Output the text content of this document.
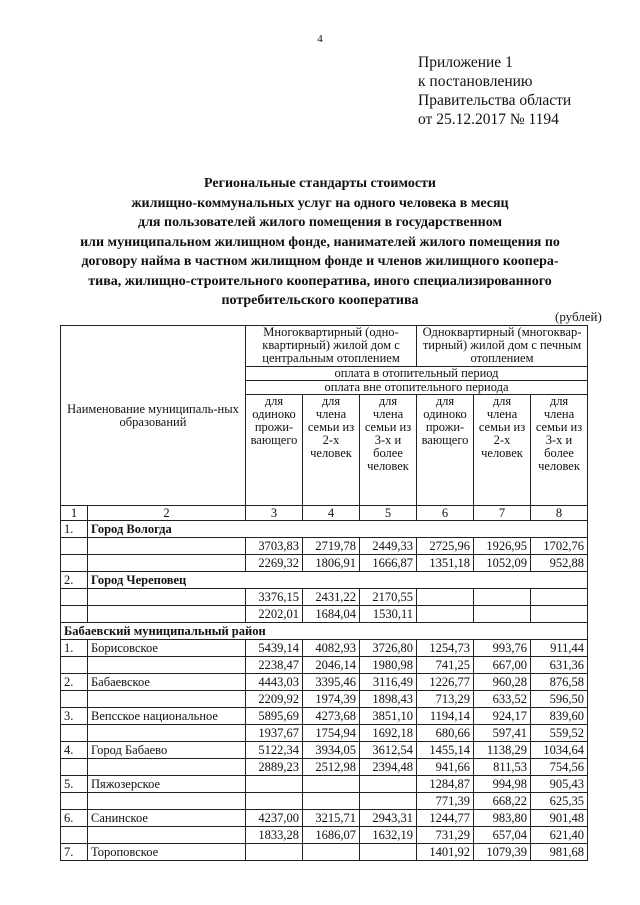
4
Приложение 1
к постановлению
Правительства области
от 25.12.2017 № 1194
Региональные стандарты стоимости
жилищно-коммунальных услуг на одного человека в месяц
для пользователей жилого помещения в государственном
или муниципальном жилищном фонде, нанимателей жилого помещения по
договору найма в частном жилищном фонде и членов жилищного коопера-
тива, жилищно-строительного кооператива, иного специализированного
потребительского кооператива
(рублей)
Наименование муниципаль-ных образований		Многоквартирный (одно-квартирный) жилой дом с центральным отоплением			Одноквартирный (многоквар-тирный) жилой дом с печным отоплением		
		оплата в отопительный период					
		оплата вне отопительного периода					
		для одиноко прожи-вающего	для члена семьи из 2-х человек	для члена семьи из 3-х и более человек	для одиноко прожи-вающего	для члена семьи из 2-х человек	для члена семьи из 3-х и более человек
1	2	3	4	5	6	7	8
1.	Город Вологда						
		3703,83	2719,78	2449,33	2725,96	1926,95	1702,76
		2269,32	1806,91	1666,87	1351,18	1052,09	952,88
2.	Город Череповец						
		3376,15	2431,22	2170,55			
		2202,01	1684,04	1530,11			
Бабаевский муниципальный район							
1.	Борисовское	5439,14	4082,93	3726,80	1254,73	993,76	911,44
		2238,47	2046,14	1980,98	741,25	667,00	631,36
2.	Бабаевское	4443,03	3395,46	3116,49	1226,77	960,28	876,58
		2209,92	1974,39	1898,43	713,29	633,52	596,50
3.	Вепсское национальное	5895,69	4273,68	3851,10	1194,14	924,17	839,60
		1937,67	1754,94	1692,18	680,66	597,41	559,52
4.	Город Бабаево	5122,34	3934,05	3612,54	1455,14	1138,29	1034,64
		2889,23	2512,98	2394,48	941,66	811,53	754,56
5.	Пяжозерское				1284,87	994,98	905,43
					771,39	668,22	625,35
6.	Санинское	4237,00	3215,71	2943,31	1244,77	983,80	901,48
		1833,28	1686,07	1632,19	731,29	657,04	621,40
7.	Тороповское				1401,92	1079,39	981,68
